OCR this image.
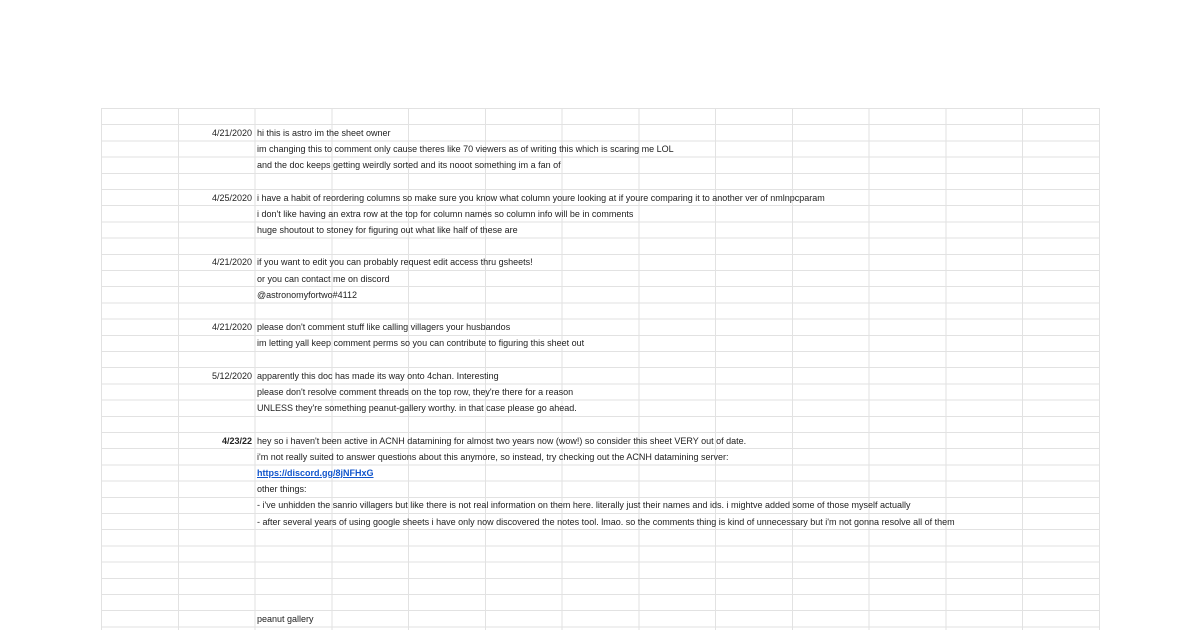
4/21/2020 hi this is astro im the sheet owner
im changing this to comment only cause theres like 70 viewers as of writing this which is scaring me LOL
and the doc keeps getting weirdly sorted and its nooot something im a fan of
4/25/2020 i have a habit of reordering columns so make sure you know what column youre looking at if youre comparing it to another ver of nmlnpcparam
i don't like having an extra row at the top for column names so column info will be in comments
huge shoutout to stoney for figuring out what like half of these are
4/21/2020 if you want to edit you can probably request edit access thru gsheets!
or you can contact me on discord
@astronomyfortwo#4112
4/21/2020 please don't comment stuff like calling villagers your husbandos
im letting yall keep comment perms so you can contribute to figuring this sheet out
5/12/2020 apparently this doc has made its way onto 4chan. Interesting
please don't resolve comment threads on the top row, they're there for a reason
UNLESS they're something peanut-gallery worthy. in that case please go ahead.
4/23/22 hey so i haven't been active in ACNH datamining for almost two years now (wow!) so consider this sheet VERY out of date.
i'm not really suited to answer questions about this anymore, so instead, try checking out the ACNH datamining server:
https://discord.gg/8jNFHxG
other things:
- i've unhidden the sanrio villagers but like there is not real information on them here. literally just their names and ids. i mightve added some of those myself actually
- after several years of using google sheets i have only now discovered the notes tool. lmao. so the comments thing is kind of unnecessary but i'm not gonna resolve all of them
peanut gallery
